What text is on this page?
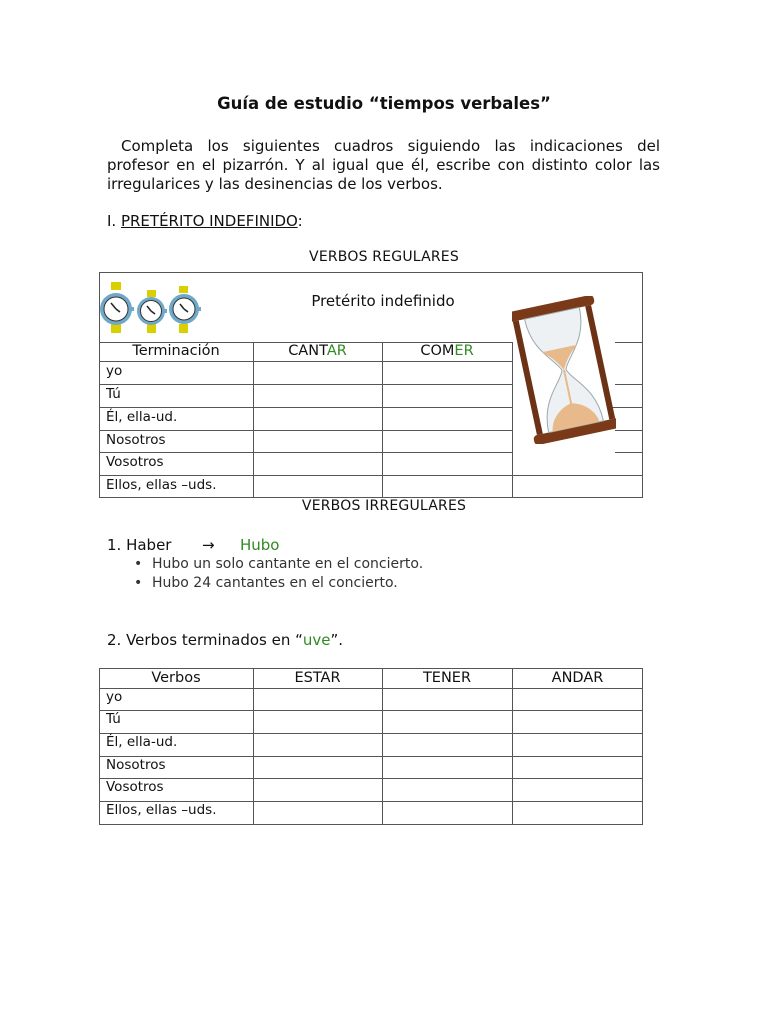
Guía de estudio “tiempos verbales”
Completa los siguientes cuadros siguiendo las indicaciones del profesor en el pizarrón. Y al igual que él, escribe con distinto color las irregularices y las desinencias de los verbos.
I. PRETÉRITO INDEFINIDO:
VERBOS REGULARES
Pretérito indefinido
Terminación	CANTAR	COMER
yo
Tú
Él, ella-ud.
Nosotros
Vosotros
Ellos, ellas –uds.
VERBOS IRREGULARES
1. Haber → Hubo
• Hubo un solo cantante en el concierto.
• Hubo 24 cantantes en el concierto.
2. Verbos terminados en “uve”.
Verbos	ESTAR	TENER	ANDAR
yo
Tú
Él, ella-ud.
Nosotros
Vosotros
Ellos, ellas –uds.
